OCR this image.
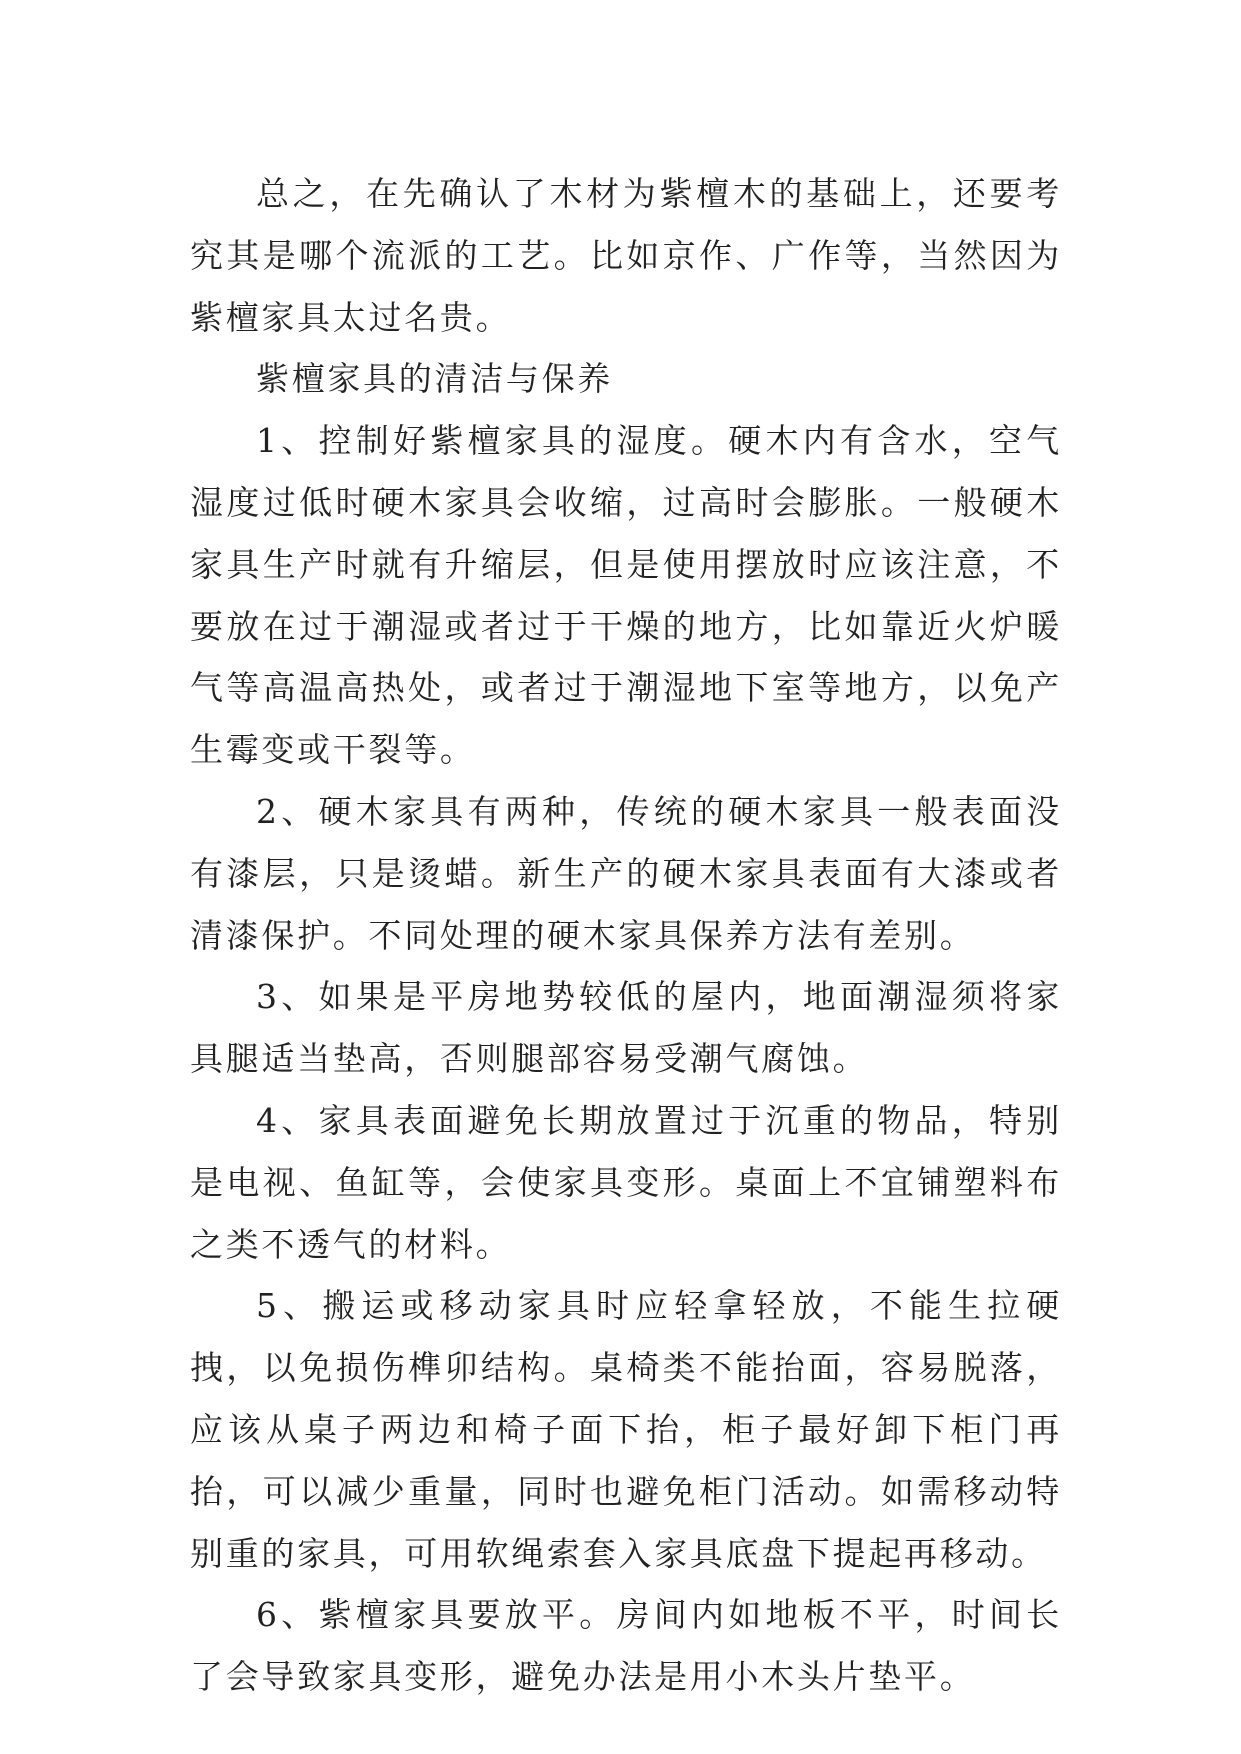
总之，在先确认了木材为紫檀木的基础上，还要考究其是哪个流派的工艺。比如京作、广作等，当然因为紫檀家具太过名贵。

紫檀家具的清洁与保养

1、控制好紫檀家具的湿度。硬木内有含水，空气湿度过低时硬木家具会收缩，过高时会膨胀。一般硬木家具生产时就有升缩层，但是使用摆放时应该注意，不要放在过于潮湿或者过于干燥的地方，比如靠近火炉暖气等高温高热处，或者过于潮湿地下室等地方，以免产生霉变或干裂等。

2、硬木家具有两种，传统的硬木家具一般表面没有漆层，只是烫蜡。新生产的硬木家具表面有大漆或者清漆保护。不同处理的硬木家具保养方法有差别。

3、如果是平房地势较低的屋内，地面潮湿须将家具腿适当垫高，否则腿部容易受潮气腐蚀。

4、家具表面避免长期放置过于沉重的物品，特别是电视、鱼缸等，会使家具变形。桌面上不宜铺塑料布之类不透气的材料。

5、搬运或移动家具时应轻拿轻放，不能生拉硬拽，以免损伤榫卯结构。桌椅类不能抬面，容易脱落，应该从桌子两边和椅子面下抬，柜子最好卸下柜门再抬，可以减少重量，同时也避免柜门活动。如需移动特别重的家具，可用软绳索套入家具底盘下提起再移动。

6、紫檀家具要放平。房间内如地板不平，时间长了会导致家具变形，避免办法是用小木头片垫平。
